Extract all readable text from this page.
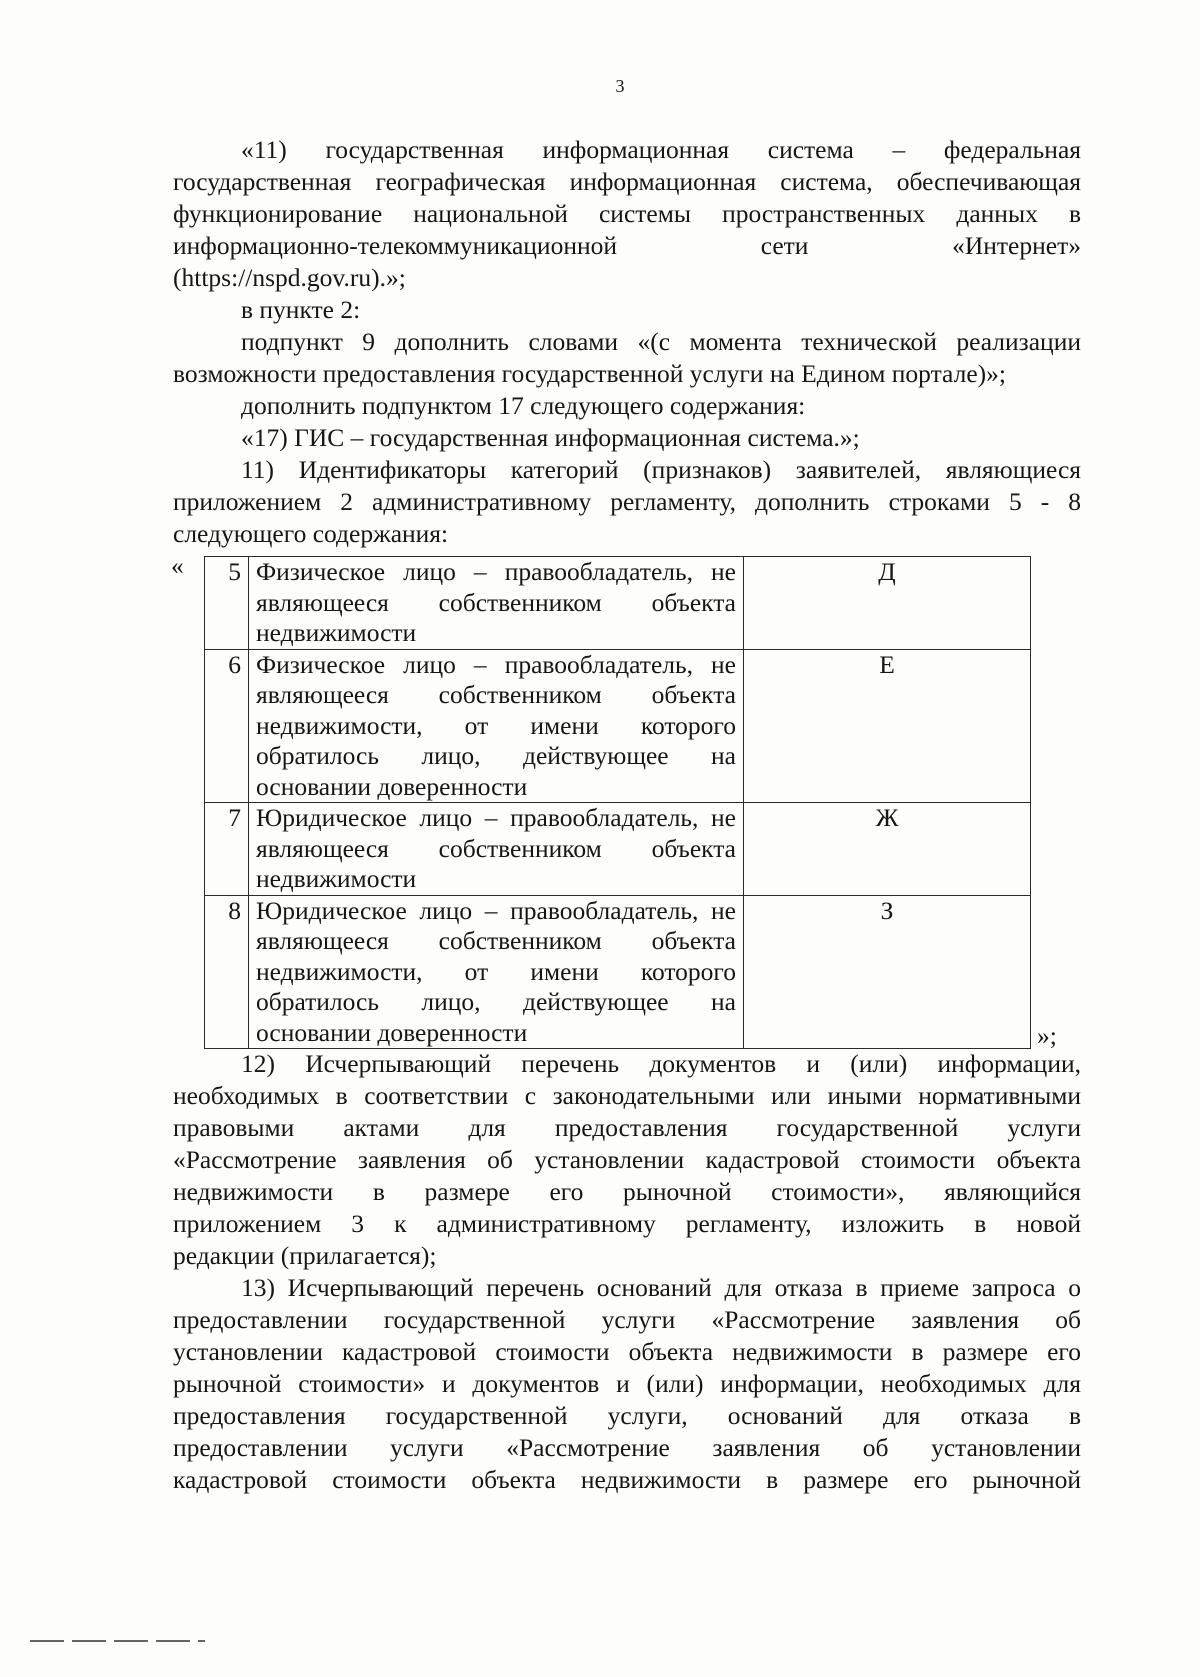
3
«11) государственная информационная система – федеральная
государственная географическая информационная система, обеспечивающая
функционирование национальной системы пространственных данных в
информационно-телекоммуникационной сети «Интернет»
(https://nspd.gov.ru).»;
в пункте 2:
подпункт 9 дополнить словами «(с момента технической реализации
возможности предоставления государственной услуги на Едином портале)»;
дополнить подпунктом 17 следующего содержания:
«17) ГИС – государственная информационная система.»;
11) Идентификаторы категорий (признаков) заявителей, являющиеся
приложением 2 административному регламенту, дополнить строками 5 - 8
следующего содержания:
« 5	Физическое лицо – правообладатель, не являющееся собственником объекта недвижимости	Д
6	Физическое лицо – правообладатель, не являющееся собственником объекта недвижимости, от имени которого обратилось лицо, действующее на основании доверенности	Е
7	Юридическое лицо – правообладатель, не являющееся собственником объекта недвижимости	Ж
8	Юридическое лицо – правообладатель, не являющееся собственником объекта недвижимости, от имени которого обратилось лицо, действующее на основании доверенности	З
»;
12) Исчерпывающий перечень документов и (или) информации,
необходимых в соответствии с законодательными или иными нормативными
правовыми актами для предоставления государственной услуги
«Рассмотрение заявления об установлении кадастровой стоимости объекта
недвижимости в размере его рыночной стоимости», являющийся
приложением 3 к административному регламенту, изложить в новой
редакции (прилагается);
13) Исчерпывающий перечень оснований для отказа в приеме запроса о
предоставлении государственной услуги «Рассмотрение заявления об
установлении кадастровой стоимости объекта недвижимости в размере его
рыночной стоимости» и документов и (или) информации, необходимых для
предоставления государственной услуги, оснований для отказа в
предоставлении услуги «Рассмотрение заявления об установлении
кадастровой стоимости объекта недвижимости в размере его рыночной
